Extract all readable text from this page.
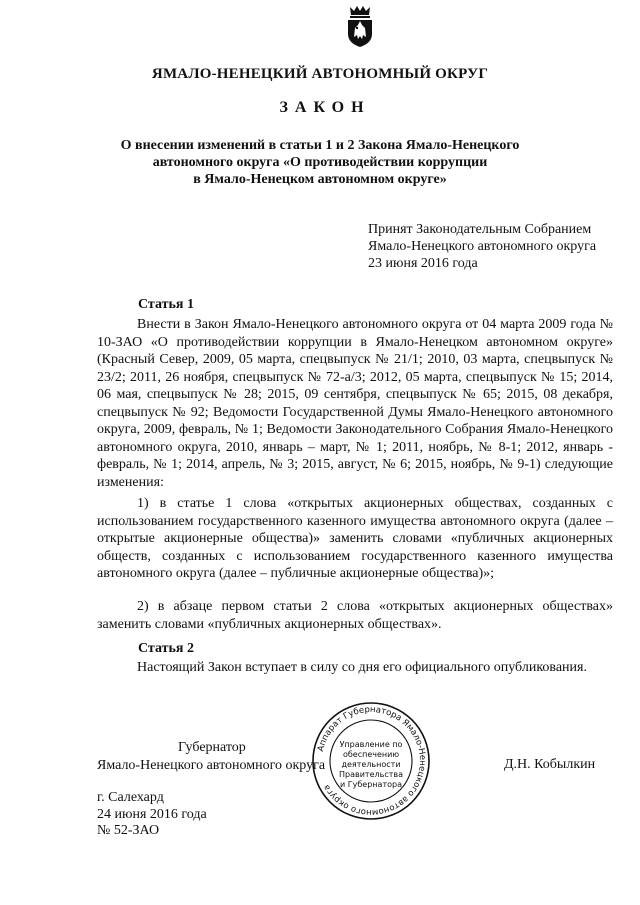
ЯМАЛО-НЕНЕЦКИЙ АВТОНОМНЫЙ ОКРУГ
ЗАКОН
О внесении изменений в статьи 1 и 2 Закона Ямало-Ненецкого
автономного округа «О противодействии коррупции
в Ямало-Ненецком автономном округе»
Принят Законодательным Собранием
Ямало-Ненецкого автономного округа
23 июня 2016 года
Статья 1

Внести в Закон Ямало-Ненецкого автономного округа от 04 марта 2009 года № 10-ЗАО «О противодействии коррупции в Ямало-Ненецком автономном округе» (Красный Север, 2009, 05 марта, спецвыпуск № 21/1; 2010, 03 марта, спецвыпуск № 23/2; 2011, 26 ноября, спецвыпуск № 72-а/3; 2012, 05 марта, спецвыпуск № 15; 2014, 06 мая, спецвыпуск № 28; 2015, 09 сентября, спецвыпуск № 65; 2015, 08 декабря, спецвыпуск № 92; Ведомости Государственной Думы Ямало-Ненецкого автономного округа, 2009, февраль, № 1; Ведомости Законодательного Собрания Ямало-Ненецкого автономного округа, 2010, январь – март, № 1; 2011, ноябрь, № 8-1; 2012, январь - февраль, № 1; 2014, апрель, № 3; 2015, август, № 6; 2015, ноябрь, № 9-1) следующие изменения:

1) в статье 1 слова «открытых акционерных обществах, созданных с использованием государственного казенного имущества автономного округа (далее – открытые акционерные общества)» заменить словами «публичных акционерных обществ, созданных с использованием государственного казенного имущества автономного округа (далее – публичные акционерные общества)»;

2) в абзаце первом статьи 2 слова «открытых акционерных обществах» заменить словами «публичных акционерных обществах».

Статья 2

Настоящий Закон вступает в силу со дня его официального опубликования.

Губернатор
Ямало-Ненецкого автономного округа
Аппарат Губернатора Ямало-Ненецкого автономного округа
Управление по
обеспечению
деятельности
Правительства
и Губернатора
Д.Н. Кобылкин
г. Салехард
24 июня 2016 года
№ 52-ЗАО
